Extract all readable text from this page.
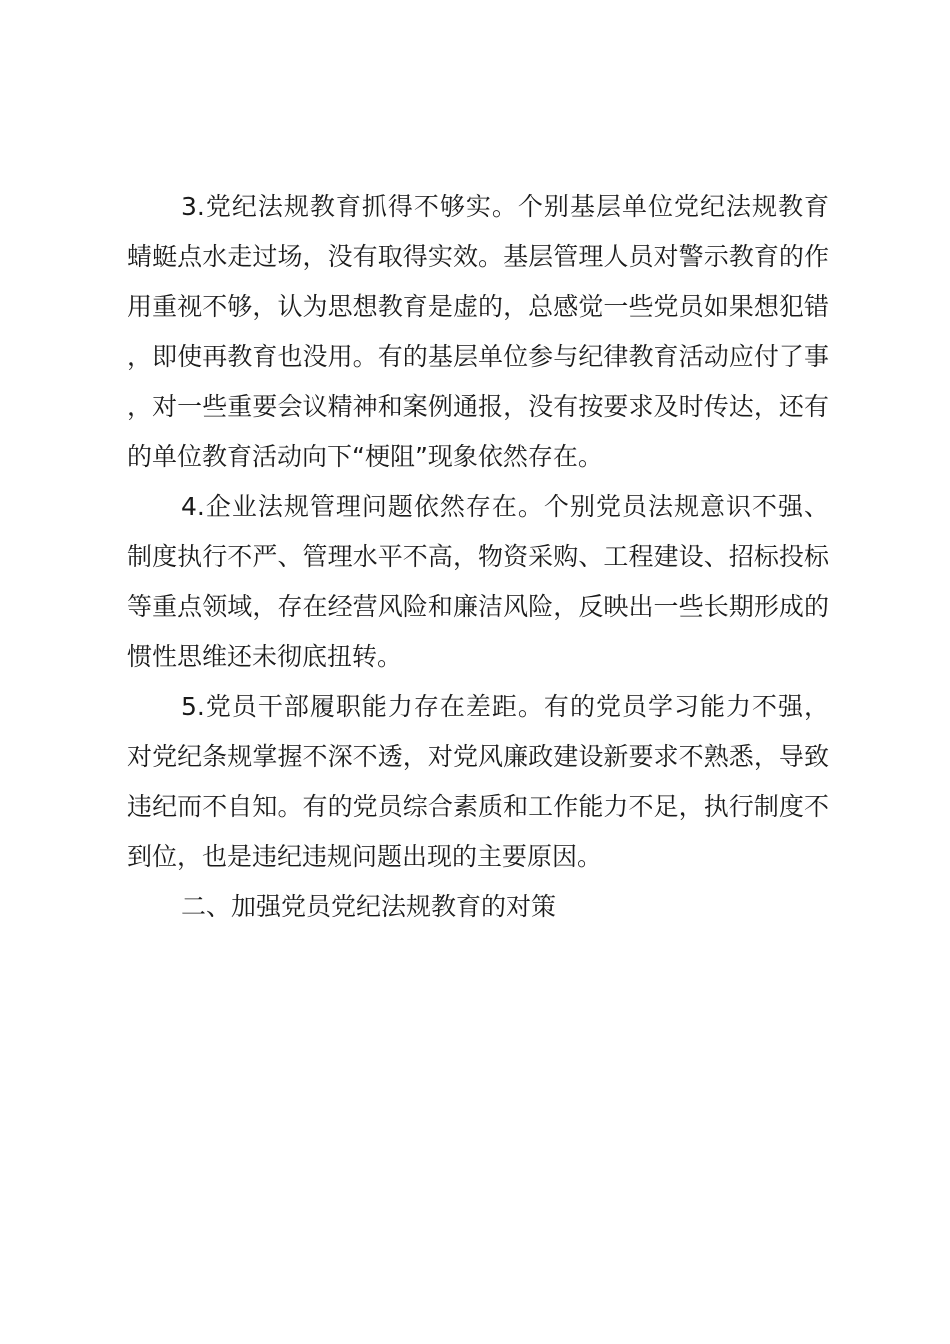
3.党纪法规教育抓得不够实。个别基层单位党纪法规教育蜻蜓点水走过场，没有取得实效。基层管理人员对警示教育的作用重视不够，认为思想教育是虚的，总感觉一些党员如果想犯错，即使再教育也没用。有的基层单位参与纪律教育活动应付了事，对一些重要会议精神和案例通报，没有按要求及时传达，还有的单位教育活动向下“梗阻”现象依然存在。

4.企业法规管理问题依然存在。个别党员法规意识不强、制度执行不严、管理水平不高，物资采购、工程建设、招标投标等重点领域，存在经营风险和廉洁风险，反映出一些长期形成的惯性思维还未彻底扭转。

5.党员干部履职能力存在差距。有的党员学习能力不强，对党纪条规掌握不深不透，对党风廉政建设新要求不熟悉，导致违纪而不自知。有的党员综合素质和工作能力不足，执行制度不到位，也是违纪违规问题出现的主要原因。

二、加强党员党纪法规教育的对策
